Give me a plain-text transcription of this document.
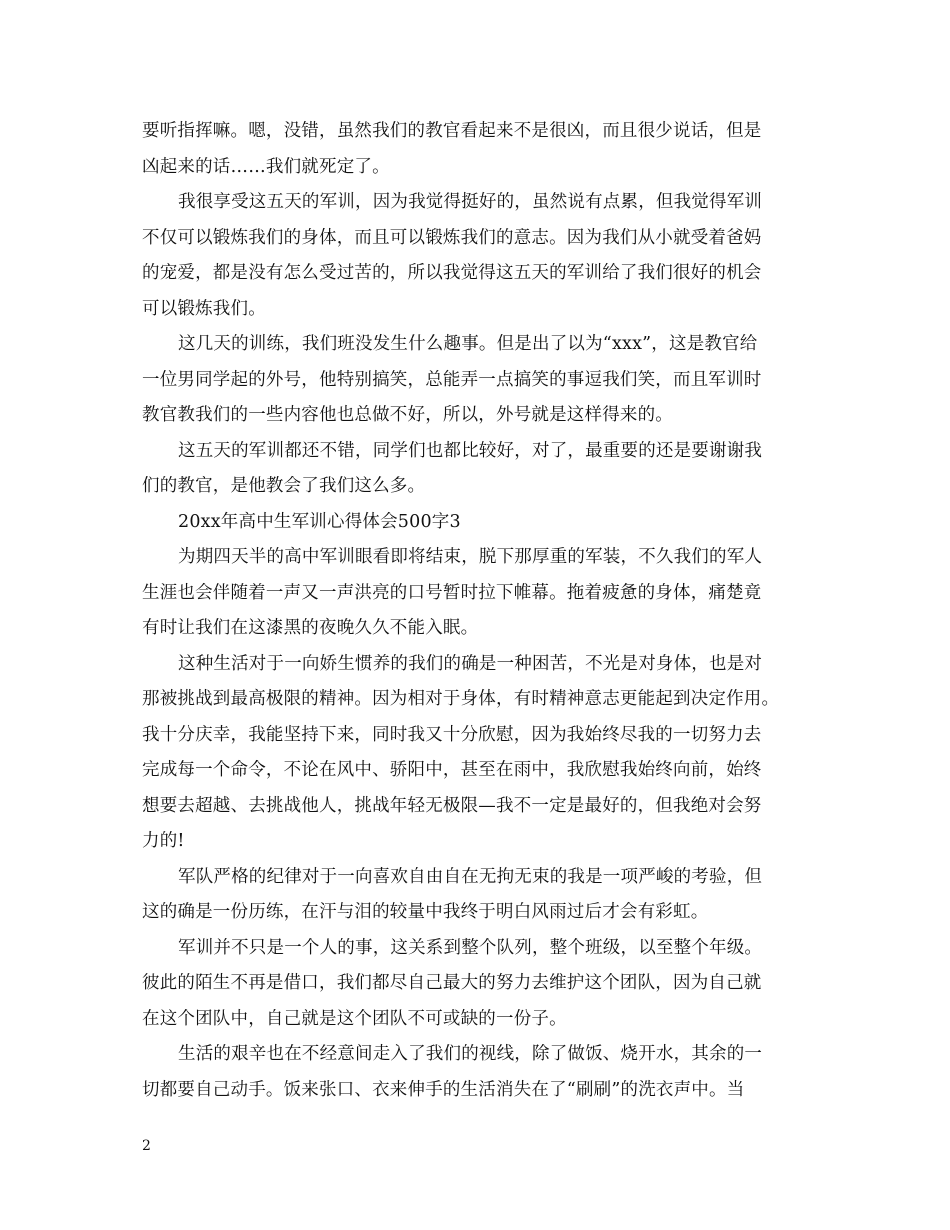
要听指挥嘛。嗯，没错，虽然我们的教官看起来不是很凶，而且很少说话，但是
凶起来的话……我们就死定了。
我很享受这五天的军训，因为我觉得挺好的，虽然说有点累，但我觉得军训
不仅可以锻炼我们的身体，而且可以锻炼我们的意志。因为我们从小就受着爸妈
的宠爱，都是没有怎么受过苦的，所以我觉得这五天的军训给了我们很好的机会
可以锻炼我们。
这几天的训练，我们班没发生什么趣事。但是出了以为“xxx”，这是教官给
一位男同学起的外号，他特别搞笑，总能弄一点搞笑的事逗我们笑，而且军训时
教官教我们的一些内容他也总做不好，所以，外号就是这样得来的。
这五天的军训都还不错，同学们也都比较好，对了，最重要的还是要谢谢我
们的教官，是他教会了我们这么多。
20xx年高中生军训心得体会500字3
为期四天半的高中军训眼看即将结束，脱下那厚重的军装，不久我们的军人
生涯也会伴随着一声又一声洪亮的口号暂时拉下帷幕。拖着疲惫的身体，痛楚竟
有时让我们在这漆黑的夜晚久久不能入眠。
这种生活对于一向娇生惯养的我们的确是一种困苦，不光是对身体，也是对
那被挑战到最高极限的精神。因为相对于身体，有时精神意志更能起到决定作用。
我十分庆幸，我能坚持下来，同时我又十分欣慰，因为我始终尽我的一切努力去
完成每一个命令，不论在风中、骄阳中，甚至在雨中，我欣慰我始终向前，始终
想要去超越、去挑战他人，挑战年轻无极限—我不一定是最好的，但我绝对会努
力的!
军队严格的纪律对于一向喜欢自由自在无拘无束的我是一项严峻的考验，但
这的确是一份历练，在汗与泪的较量中我终于明白风雨过后才会有彩虹。
军训并不只是一个人的事，这关系到整个队列，整个班级，以至整个年级。
彼此的陌生不再是借口，我们都尽自己最大的努力去维护这个团队，因为自己就
在这个团队中，自己就是这个团队不可或缺的一份子。
生活的艰辛也在不经意间走入了我们的视线，除了做饭、烧开水，其余的一
切都要自己动手。饭来张口、衣来伸手的生活消失在了“刷刷”的洗衣声中。当
2
